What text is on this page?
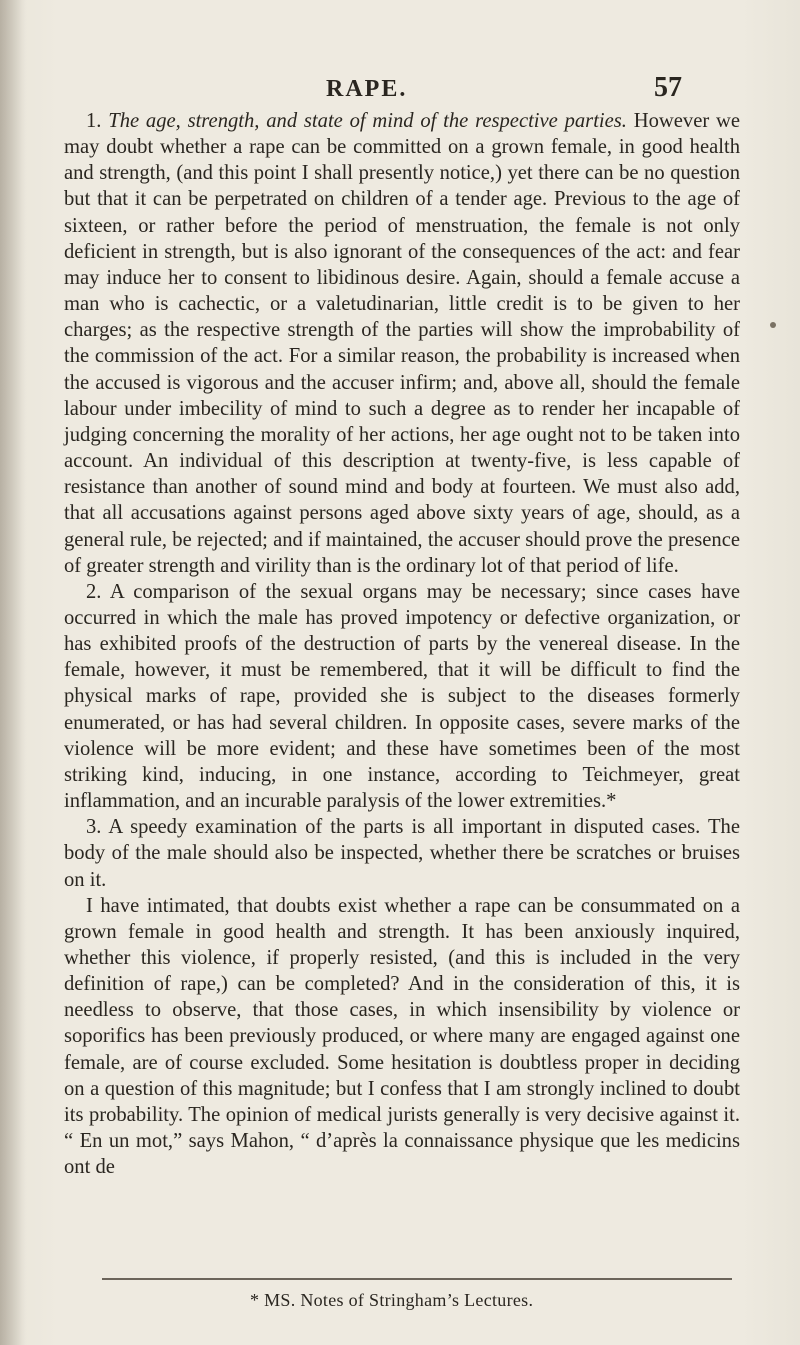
RAPE.	57

1. The age, strength, and state of mind of the respective parties. However we may doubt whether a rape can be committed on a grown female, in good health and strength, (and this point I shall presently notice,) yet there can be no question but that it can be perpetrated on children of a tender age. Previous to the age of sixteen, or rather before the period of menstruation, the female is not only deficient in strength, but is also ignorant of the consequences of the act: and fear may induce her to consent to libidinous desire. Again, should a female accuse a man who is cachectic, or a valetudinarian, little credit is to be given to her charges; as the respective strength of the parties will show the improbability of the commission of the act. For a similar reason, the probability is increased when the accused is vigorous and the accuser infirm; and, above all, should the female labour under imbecility of mind to such a degree as to render her incapable of judging concerning the morality of her actions, her age ought not to be taken into account. An individual of this description at twenty-five, is less capable of resistance than another of sound mind and body at fourteen. We must also add, that all accusations against persons aged above sixty years of age, should, as a general rule, be rejected; and if maintained, the accuser should prove the presence of greater strength and virility than is the ordinary lot of that period of life.

2. A comparison of the sexual organs may be necessary; since cases have occurred in which the male has proved impotency or defective organization, or has exhibited proofs of the destruction of parts by the venereal disease. In the female, however, it must be remembered, that it will be difficult to find the physical marks of rape, provided she is subject to the diseases formerly enumerated, or has had several children. In opposite cases, severe marks of the violence will be more evident; and these have sometimes been of the most striking kind, inducing, in one instance, according to Teichmeyer, great inflammation, and an incurable paralysis of the lower extremities.*

3. A speedy examination of the parts is all important in disputed cases. The body of the male should also be inspected, whether there be scratches or bruises on it.

I have intimated, that doubts exist whether a rape can be consummated on a grown female in good health and strength. It has been anxiously inquired, whether this violence, if properly resisted, (and this is included in the very definition of rape,) can be completed? And in the consideration of this, it is needless to observe, that those cases, in which insensibility by violence or soporifics has been previously produced, or where many are engaged against one female, are of course excluded. Some hesitation is doubtless proper in deciding on a question of this magnitude; but I confess that I am strongly inclined to doubt its probability. The opinion of medical jurists generally is very decisive against it. “ En un mot,” says Mahon, “ d’après la connaissance physique que les medicins ont de

* MS. Notes of Stringham’s Lectures.
